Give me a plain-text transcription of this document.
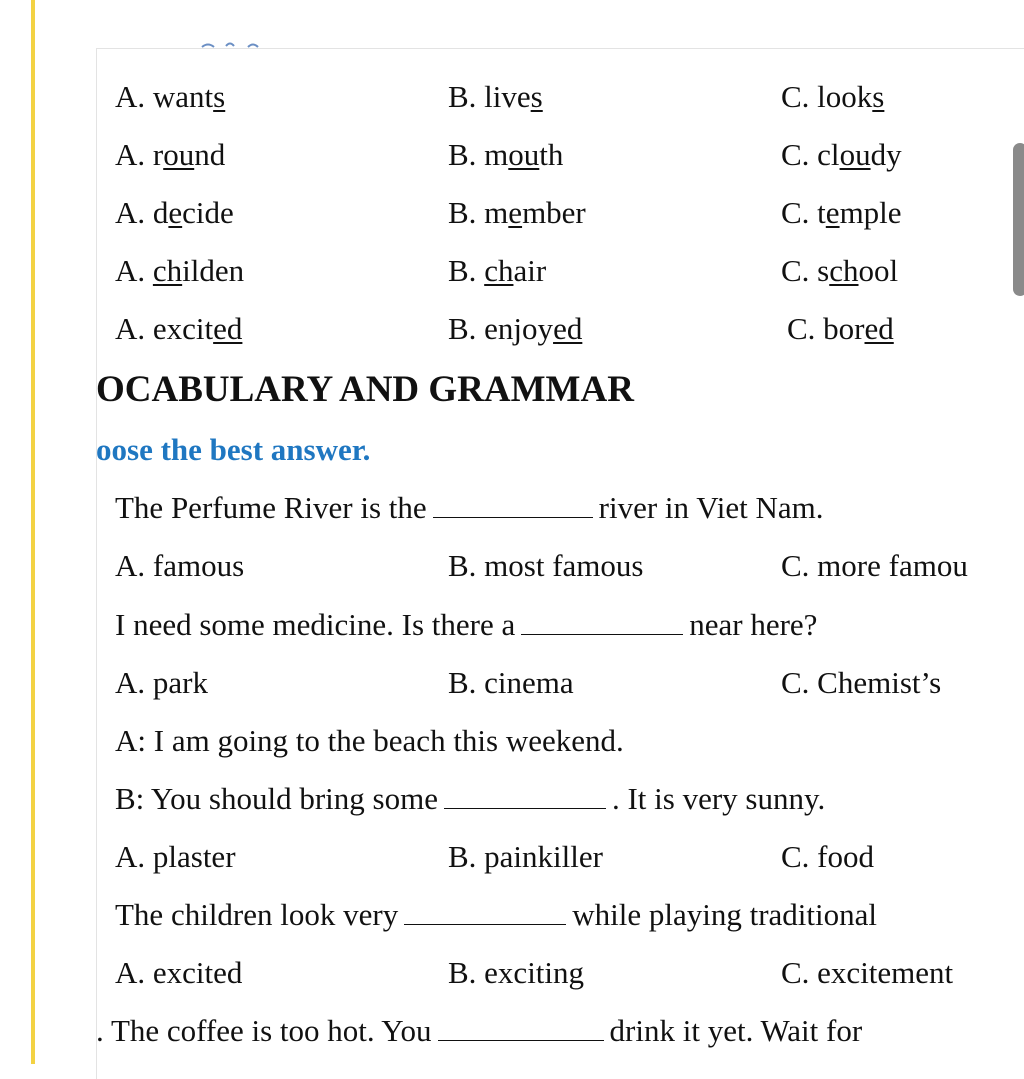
A. wants	B. lives	C. looks
A. round	B. mouth	C. cloudy
A. decide	B. member	C. temple
A. childen	B. chair	C. school
A. excited	B. enjoyed	C. bored
OCABULARY AND GRAMMAR
oose the best answer.
The Perfume River is the	river in Viet Nam.
A. famous	B. most famous	C. more famou
I need some medicine. Is there a	near here?
A. park	B. cinema	C. Chemist’s
A: I am going to the beach this weekend.
B: You should bring some	. It is very sunny.
A. plaster	B. painkiller	C. food
The children look very	while playing traditional
A. excited	B. exciting	C. excitement
. The coffee is too hot. You	drink it yet. Wait for
